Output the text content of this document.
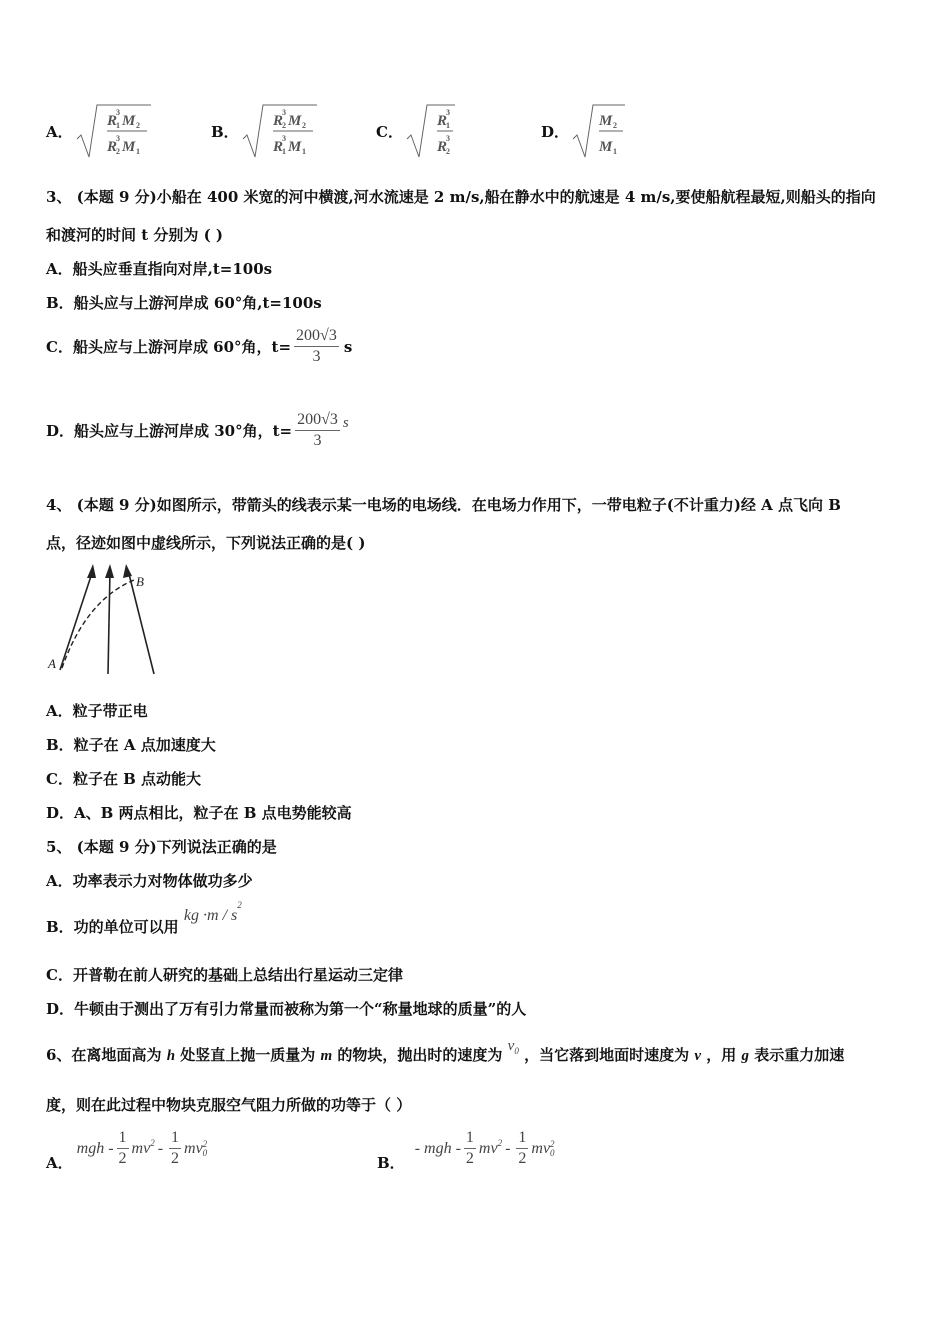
A．
R
1
3
M 2
R
2
3
M 1
B．
R
2
3
M 2
R
1
3
M 1
C．
R
1
3
R
2
3	D．
M 2
M 1
3、 (本题 9 分)小船在 400 米宽的河中横渡,河水流速是 2 m/s,船在静水中的航速是 4 m/s,要使船航程最短,则船头的指向
和渡河的时间 t 分别为 ( )
A．船头应垂直指向对岸,t=100s
B．船头应与上游河岸成 60°角,t=100s
C．船头应与上游河岸成 60°角，$t= \frac{200√3}{3}$ s
D．船头应与上游河岸成 30°角，$t= \frac{200√3}{3}$ s
4、 (本题 9 分)如图所示，带箭头的线表示某一电场的电场线．在电场力作用下，一带电粒子(不计重力)经 A 点飞向 B
点，径迹如图中虚线所示，下列说法正确的是( )
A
B
A．粒子带正电
B．粒子在 A 点加速度大
C．粒子在 B 点动能大
D．A、B 两点相比，粒子在 B 点电势能较高
5、 (本题 9 分)下列说法正确的是
A．功率表示力对物体做功多少
B．功的单位可以用 kg $\cdot m / s^2$
C．开普勒在前人研究的基础上总结出行星运动三定律
D．牛顿由于测出了万有引力常量而被称为第一个“称量地球的质量”的人
6、在离地面高为 h 处竖直上抛一质量为 m 的物块，抛出时的速度为 $v_0$ ，当它落到地面时速度为 v ，用 g 表示重力加速
度，则在此过程中物块克服空气阻力所做的功等于（ ）
A．
mgh - $\frac{1}{2} mv^2 - \frac{1}{2}$ mv 2
0
B．
- mgh - $\frac{1}{2} mv^2 - \frac{1}{2}$ mv 2
0
